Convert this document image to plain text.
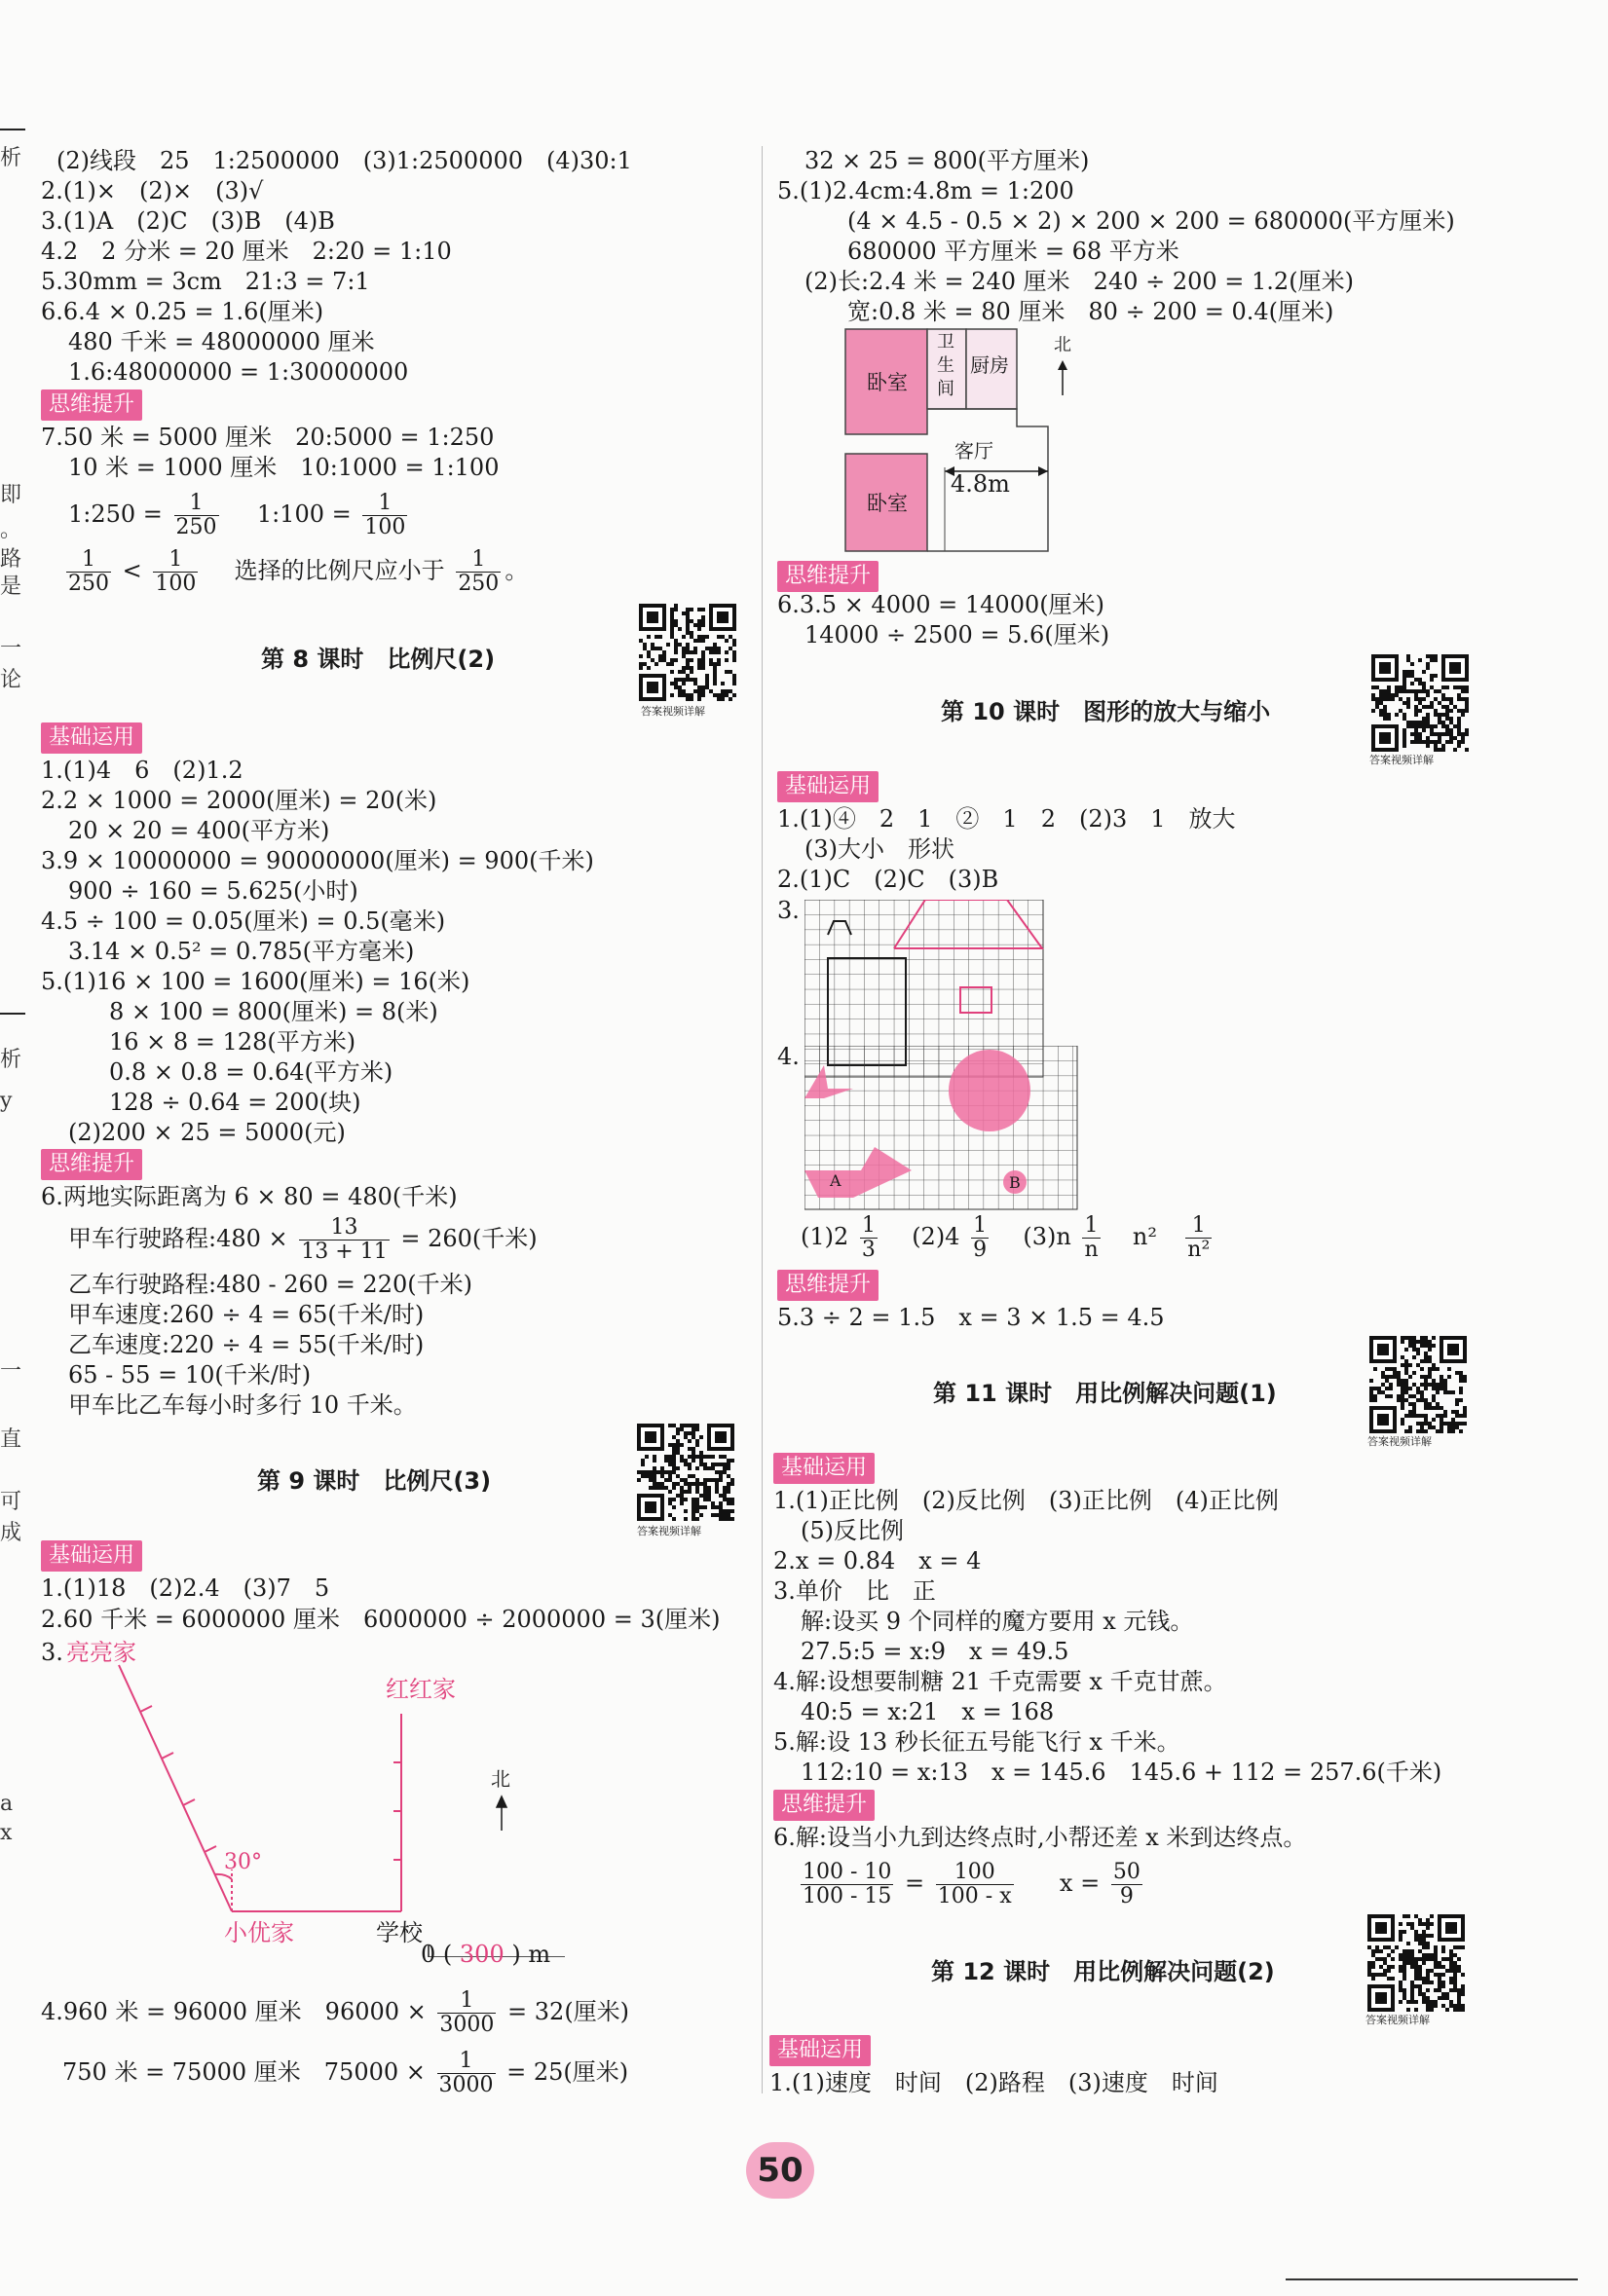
(2)线段　25　1:2500000　(3)1:2500000　(4)30:1
2.(1)×　(2)×　(3)√
3.(1)A　(2)C　(3)B　(4)B
4.2　2 分米 = 20 厘米　2:20 = 1:10
5.30mm = 3cm　21:3 = 7:1
6.6.4 × 0.25 = 1.6(厘米)
480 千米 = 48000000 厘米
1.6:48000000 = 1:30000000
思维提升
7.50 米 = 5000 厘米　20:5000 = 1:250
10 米 = 1000 厘米　10:1000 = 1:100
1:250 = $\frac{1}{250}$ 1:100 = $\frac{1}{100}$
$\frac{1}{250} < \frac{1}{100}$ 选择的比例尺应小于 $\frac{1}{250}$ 。
第 8 课时　比例尺(2)
答案视频详解
基础运用
1.(1)4　6　(2)1.2
2.2 × 1000 = 2000(厘米) = 20(米)
20 × 20 = 400(平方米)
3.9 × 10000000 = 90000000(厘米) = 900(千米)
900 ÷ 160 = 5.625(小时)
4.5 ÷ 100 = 0.05(厘米) = 0.5(毫米)
3.14 × 0.5² = 0.785(平方毫米)
5.(1)16 × 100 = 1600(厘米) = 16(米)
8 × 100 = 800(厘米) = 8(米)
16 × 8 = 128(平方米)
0.8 × 0.8 = 0.64(平方米)
128 ÷ 0.64 = 200(块)
(2)200 × 25 = 5000(元)
思维提升
6.两地实际距离为 6 × 80 = 480(千米)
甲车行驶路程:480 × $\frac{13}{13 + 11} = 260$(千米)
乙车行驶路程:480 - 260 = 220(千米)
甲车速度:260 ÷ 4 = 65(千米/时)
乙车速度:220 ÷ 4 = 55(千米/时)
65 - 55 = 10(千米/时)
甲车比乙车每小时多行 10 千米。
第 9 课时　比例尺(3)
答案视频详解
基础运用
1.(1)18　(2)2.4　(3)7　5
2.60 千米 = 6000000 厘米　6000000 ÷ 2000000 = 3(厘米)
3. 亮亮家
红红家
北
30°
小优家	学校
0 ( 300 ) m
4.960 米 = 96000 厘米　$96000 \times \frac{1}{3000} = 32$(厘米)
750 米 = 75000 厘米　$75000 \times \frac{1}{3000} = 25$(厘米)
32 × 25 = 800(平方厘米)
5.(1)2.4cm:4.8m = 1:200
(4 × 4.5 - 0.5 × 2) × 200 × 200 = 680000(平方厘米)
680000 平方厘米 = 68 平方米
(2)长:2.4 米 = 240 厘米　240 ÷ 200 = 1.2(厘米)
宽:0.8 米 = 80 厘米　80 ÷ 200 = 0.4(厘米)
卧室
卫生间
厨房
客厅
4.8m
卧室
北
思维提升
6.3.5 × 4000 = 14000(厘米)
14000 ÷ 2500 = 5.6(厘米)
第 10 课时　图形的放大与缩小
答案视频详解
基础运用
1.(1)④　2　1　②　1　2　(2)3　1　放大
(3)大小　形状
2.(1)C　(2)C　(3)B
3.
4.
A	B
$(1)2 \frac{1}{3} (2)4 \frac{1}{9} (3)n \frac{1}{n} n^2 \frac{1}{\text{n²}}$
思维提升
5.3 ÷ 2 = 1.5　x = 3 × 1.5 = 4.5
第 11 课时　用比例解决问题(1)
答案视频详解
基础运用
1.(1)正比例　(2)反比例　(3)正比例　(4)正比例
(5)反比例
2.x = 0.84　x = 4
3.单价　比　正
解:设买 9 个同样的魔方要用 x 元钱。
27.5:5 = x:9　x = 49.5
4.解:设想要制糖 21 千克需要 x 千克甘蔗。
40:5 = x:21　x = 168
5.解:设 13 秒长征五号能飞行 x 千米。
112:10 = x:13　x = 145.6　145.6 + 112 = 257.6(千米)
思维提升
6.解:设当小九到达终点时,小帮还差 x 米到达终点。
$\frac{100 - 10}{100 - 15} = \frac{100}{100 - x}$ $x = \frac{50}{9}$
第 12 课时　用比例解决问题(2)
答案视频详解
基础运用
1.(1)速度　时间　(2)路程　(3)速度　时间
析
即
。
路
是
一
论
析
y
一
直
可
成
a
x
50
